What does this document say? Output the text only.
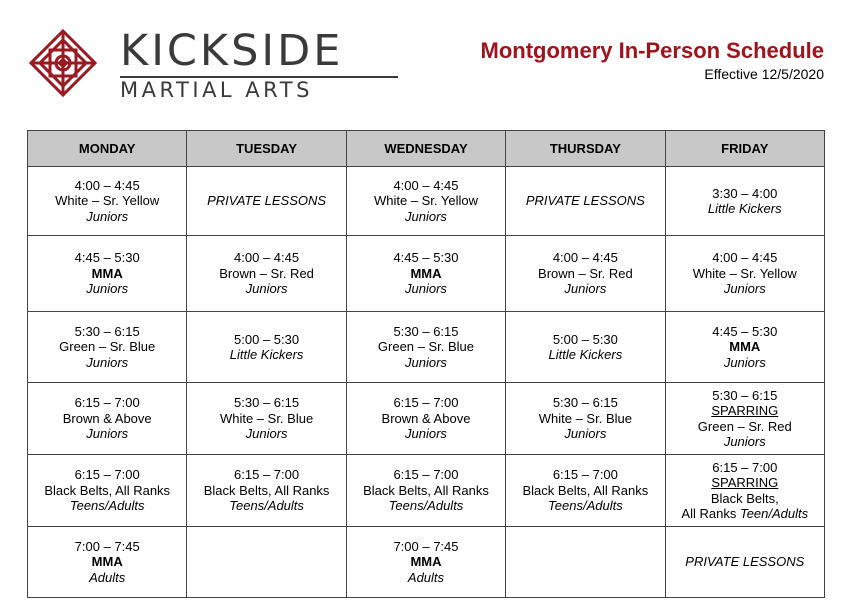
KICKSIDE
MARTIAL ARTS
Montgomery In-Person Schedule
Effective 12/5/2020
MONDAY	TUESDAY	WEDNESDAY	THURSDAY	FRIDAY

4:00 – 4:45
White – Sr. Yellow
Juniors	PRIVATE LESSONS	4:00 – 4:45
White – Sr. Yellow
Juniors	PRIVATE LESSONS	3:30 – 4:00
Little Kickers

4:45 – 5:30
MMA
Juniors	4:00 – 4:45
Brown – Sr. Red
Juniors	4:45 – 5:30
MMA
Juniors	4:00 – 4:45
Brown – Sr. Red
Juniors	4:00 – 4:45
White – Sr. Yellow
Juniors

5:30 – 6:15
Green – Sr. Blue
Juniors	5:00 – 5:30
Little Kickers	5:30 – 6:15
Green – Sr. Blue
Juniors	5:00 – 5:30
Little Kickers	4:45 – 5:30
MMA
Juniors

6:15 – 7:00
Brown & Above
Juniors	5:30 – 6:15
White – Sr. Blue
Juniors	6:15 – 7:00
Brown & Above
Juniors	5:30 – 6:15
White – Sr. Blue
Juniors	5:30 – 6:15
SPARRING
Green – Sr. Red
Juniors

6:15 – 7:00
Black Belts, All Ranks
Teens/Adults	6:15 – 7:00
Black Belts, All Ranks
Teens/Adults	6:15 – 7:00
Black Belts, All Ranks
Teens/Adults	6:15 – 7:00
Black Belts, All Ranks
Teens/Adults	6:15 – 7:00
SPARRING
Black Belts,
All Ranks Teen/Adults

7:00 – 7:45
MMA
Adults		7:00 – 7:45
MMA
Adults		PRIVATE LESSONS
